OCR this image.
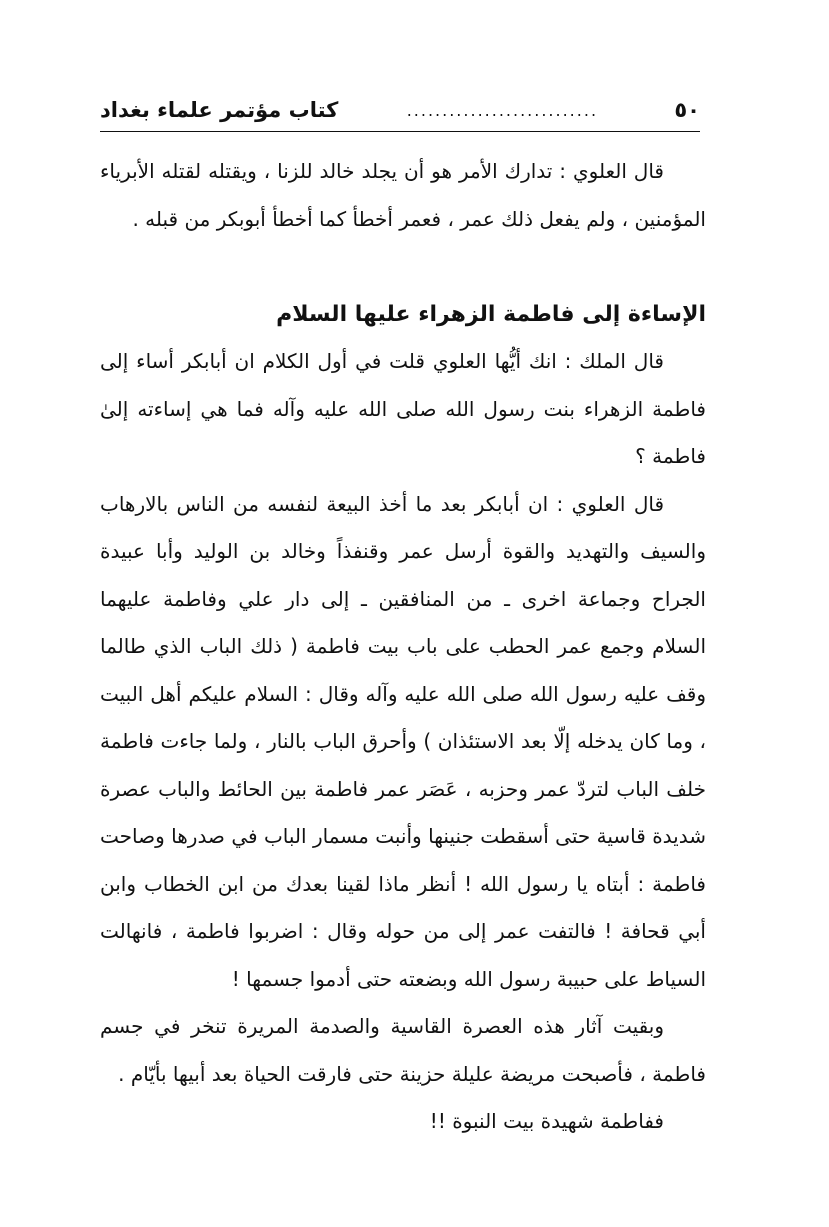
٥٠
...........................
كتاب مؤتمر علماء بغداد

قال العلوي : تدارك الأمر هو أن يجلد خالد للزنا ، ويقتله لقتله الأبرياء المؤمنين ، ولم يفعل ذلك عمر ، فعمر أخطأ كما أخطأ أبوبكر من قبله .

الإساءة إلى فاطمة الزهراء عليها السلام

قال الملك : انك أيُّها العلوي قلت في أول الكلام ان أبابكر أساء إلى فاطمة الزهراء بنت رسول الله صلى الله عليه وآله فما هي إساءته إلىٰ فاطمة ؟

قال العلوي : ان أبابكر بعد ما أخذ البيعة لنفسه من الناس بالارهاب والسيف والتهديد والقوة أرسل عمر وقنفذاً وخالد بن الوليد وأبا عبيدة الجراح وجماعة اخرى ـ من المنافقين ـ إلى دار علي وفاطمة عليهما السلام وجمع عمر الحطب على باب بيت فاطمة ( ذلك الباب الذي طالما وقف عليه رسول الله صلى الله عليه وآله وقال : السلام عليكم أهل البيت ، وما كان يدخله إلّا بعد الاستئذان ) وأحرق الباب بالنار ، ولما جاءت فاطمة خلف الباب لتردّ عمر وحزبه ، عَصَر عمر فاطمة بين الحائط والباب عصرة شديدة قاسية حتى أسقطت جنينها وأنبت مسمار الباب في صدرها وصاحت فاطمة : أبتاه يا رسول الله ! أنظر ماذا لقينا بعدك من ابن الخطاب وابن أبي قحافة ! فالتفت عمر إلى من حوله وقال : اضربوا فاطمة ، فانهالت السياط على حبيبة رسول الله وبضعته حتى أدموا جسمها !

وبقيت آثار هذه العصرة القاسية والصدمة المريرة تنخر في جسم فاطمة ، فأصبحت مريضة عليلة حزينة حتى فارقت الحياة بعد أبيها بأيّام .

ففاطمة شهيدة بيت النبوة !!
